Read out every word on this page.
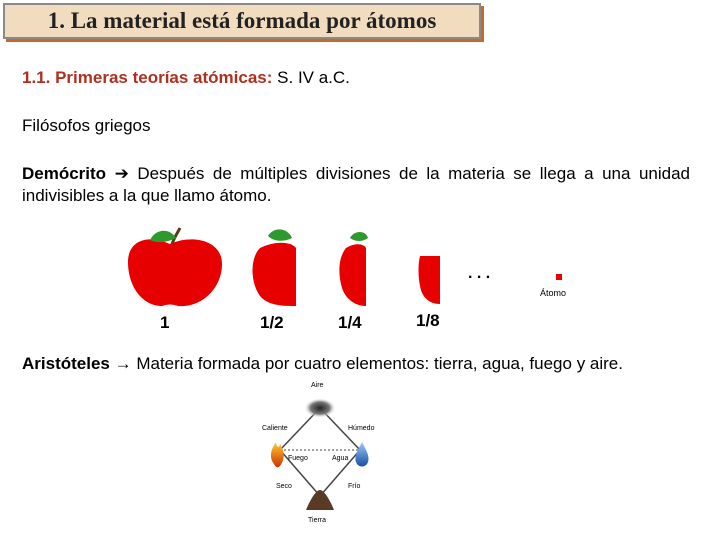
1. La material está formada por átomos
1.1. Primeras teorías atómicas: S. IV a.C.
Filósofos griegos
Demócrito ➔ Después de múltiples divisiones de la materia se llega a una unidad indivisibles a la que llamo átomo.
. . .
Átomo
1	1/2	1/4	1/8
Aristóteles → Materia formada por cuatro elementos: tierra, agua, fuego y aire.
Aire
Caliente	Húmedo
Fuego	Agua
Seco	Frío
Tierra
